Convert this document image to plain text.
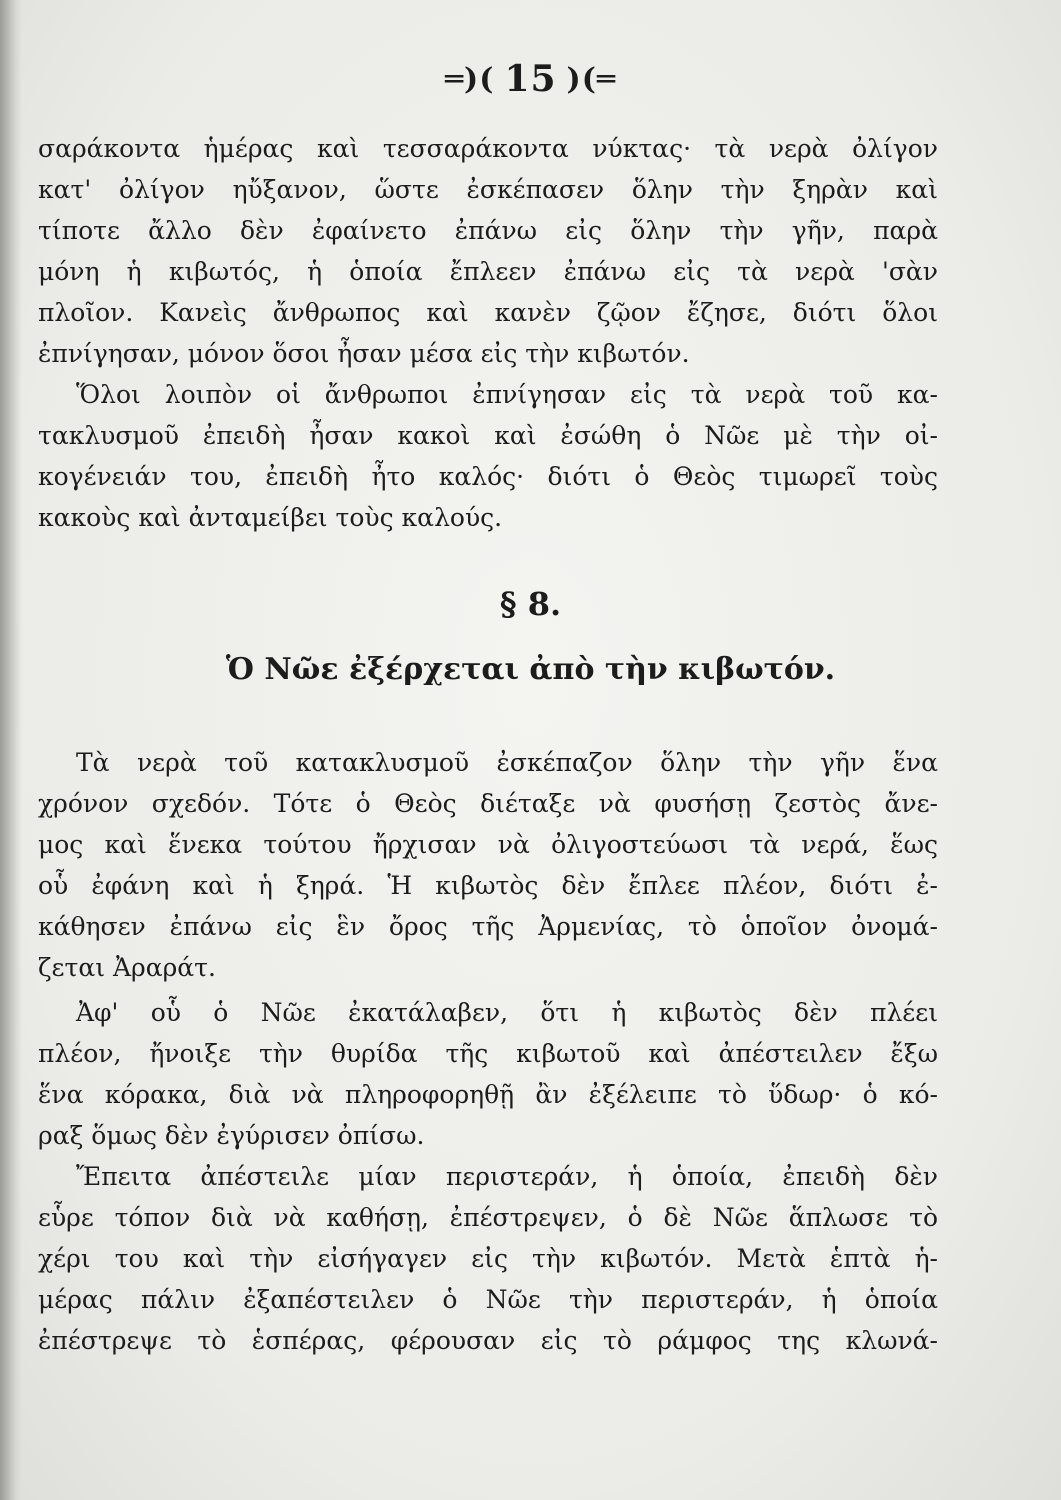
═)( 15 )(═
σαράκοντα ἡμέρας καὶ τεσσαράκοντα νύκτας· τὰ νερὰ ὀλίγον
κατ' ὀλίγον ηὔξανον, ὥστε ἐσκέπασεν ὅλην τὴν ξηρὰν καὶ
τίποτε ἄλλο δὲν ἐφαίνετο ἐπάνω εἰς ὅλην τὴν γῆν, παρὰ
μόνη ἡ κιβωτός, ἡ ὁποία ἔπλεεν ἐπάνω εἰς τὰ νερὰ 'σὰν
πλοῖον. Κανεὶς ἄνθρωπος καὶ κανὲν ζῷον ἔζησε, διότι ὅλοι
ἐπνίγησαν, μόνον ὅσοι ἦσαν μέσα εἰς τὴν κιβωτόν.
Ὅλοι λοιπὸν οἱ ἄνθρωποι ἐπνίγησαν εἰς τὰ νερὰ τοῦ κα-
τακλυσμοῦ ἐπειδὴ ἦσαν κακοὶ καὶ ἐσώθη ὁ Νῶε μὲ τὴν οἰ-
κογένειάν του, ἐπειδὴ ἦτο καλός· διότι ὁ Θεὸς τιμωρεῖ τοὺς
κακοὺς καὶ ἀνταμείβει τοὺς καλούς.
§ 8.
Ὁ Νῶε ἐξέρχεται ἀπὸ τὴν κιβωτόν.
Τὰ νερὰ τοῦ κατακλυσμοῦ ἐσκέπαζον ὅλην τὴν γῆν ἕνα
χρόνον σχεδόν. Τότε ὁ Θεὸς διέταξε νὰ φυσήσῃ ζεστὸς ἄνε-
μος καὶ ἕνεκα τούτου ἤρχισαν νὰ ὀλιγοστεύωσι τὰ νερά, ἕως
οὗ ἐφάνη καὶ ἡ ξηρά. Ἡ κιβωτὸς δὲν ἔπλεε πλέον, διότι ἐ-
κάθησεν ἐπάνω εἰς ἓν ὄρος τῆς Ἀρμενίας, τὸ ὁποῖον ὀνομά-
ζεται Ἀραράτ.
Ἀφ' οὗ ὁ Νῶε ἐκατάλαβεν, ὅτι ἡ κιβωτὸς δὲν πλέει
πλέον, ἤνοιξε τὴν θυρίδα τῆς κιβωτοῦ καὶ ἀπέστειλεν ἔξω
ἕνα κόρακα, διὰ νὰ πληροφορηθῇ ἂν ἐξέλειπε τὸ ὕδωρ· ὁ κό-
ραξ ὅμως δὲν ἐγύρισεν ὀπίσω.
Ἔπειτα ἀπέστειλε μίαν περιστεράν, ἡ ὁποία, ἐπειδὴ δὲν
εὗρε τόπον διὰ νὰ καθήσῃ, ἐπέστρεψεν, ὁ δὲ Νῶε ἅπλωσε τὸ
χέρι του καὶ τὴν εἰσήγαγεν εἰς τὴν κιβωτόν. Μετὰ ἑπτὰ ἡ-
μέρας πάλιν ἐξαπέστειλεν ὁ Νῶε τὴν περιστεράν, ἡ ὁποία
ἐπέστρεψε τὸ ἑσπέρας, φέρουσαν εἰς τὸ ράμφος της κλωνά-
